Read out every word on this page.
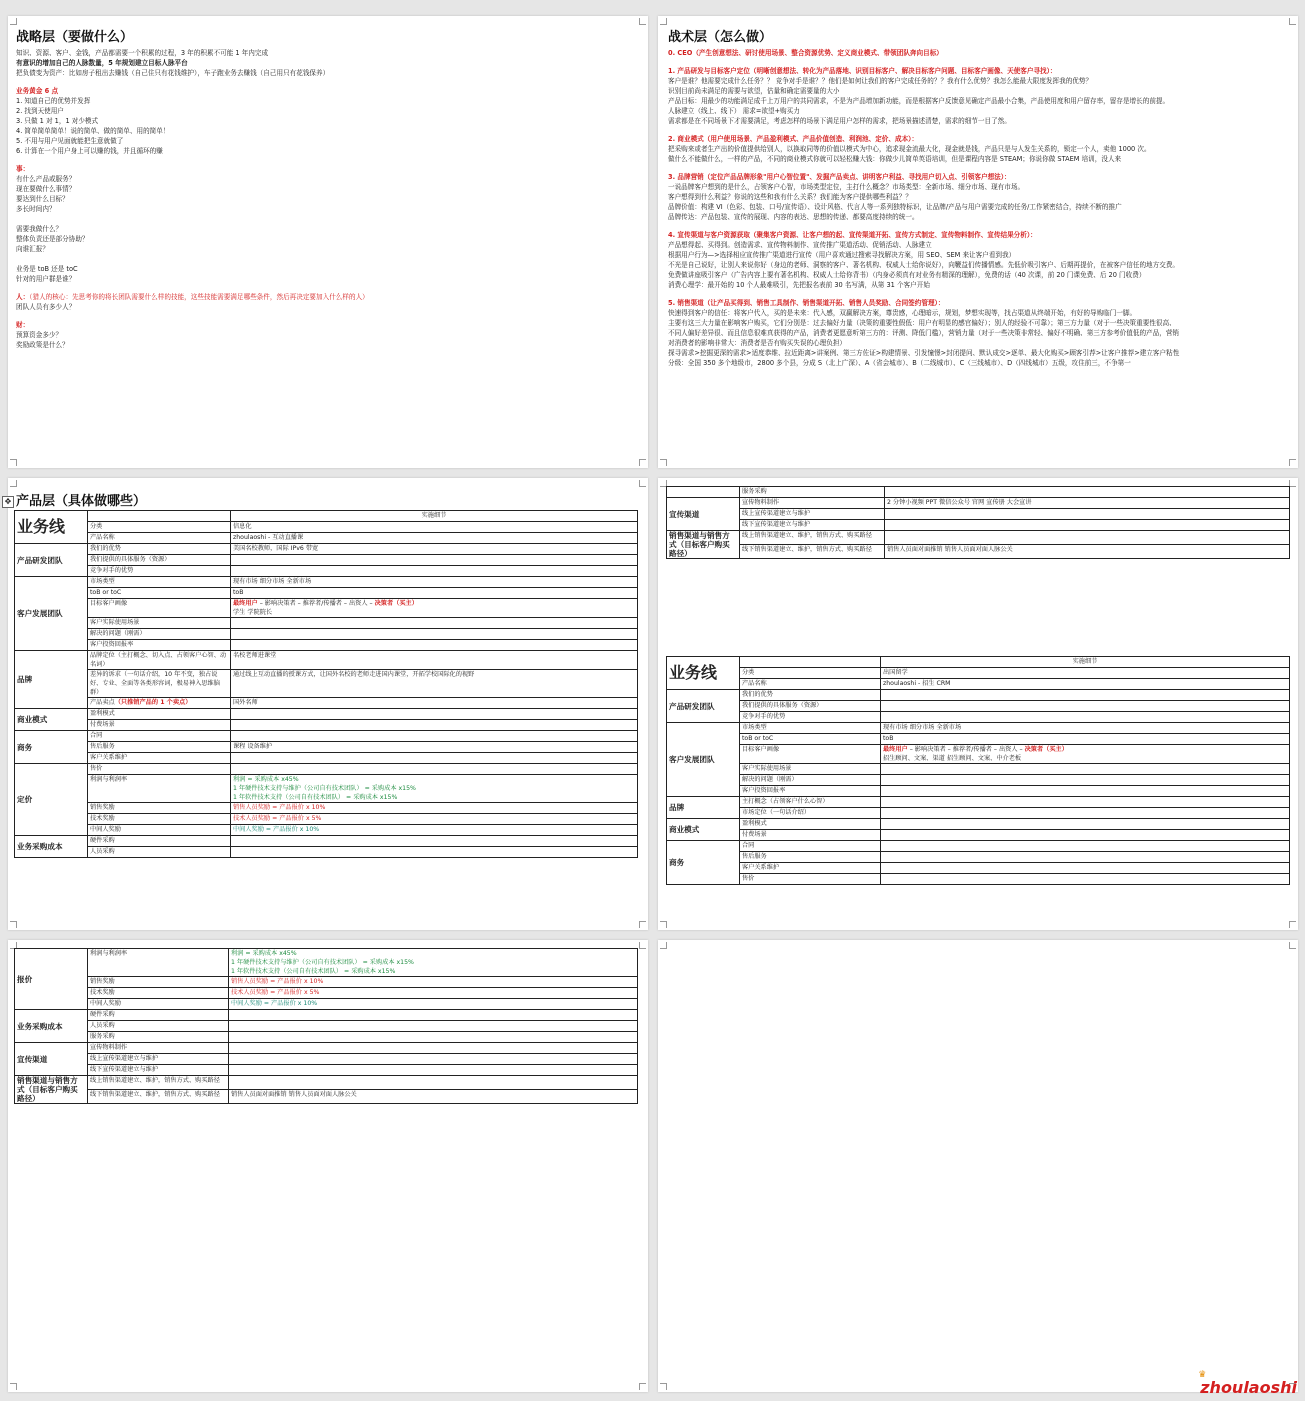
战略层（要做什么）
知识、资源、客户、金钱，产品都需要一个积累的过程，3 年的积累不可能 1 年内完成
有意识的增加自己的人脉数量，5 年规划建立目标人脉平台
把负债变为资产：比如房子租出去赚钱（自己住只有花钱维护），车子跑业务去赚钱（自己用只有花钱保养）
业务黄金 6 点
1. 知道自己的优势并发挥
2. 找到天使用户
3. 只做 1 对 1，1 对少模式
4. 简单简单简单！说的简单、做的简单、用的简单！
5. 不用与用户见面就能把生意就做了
6. 计算在一个用户身上可以赚的钱，并且循环的赚
事：
有什么产品或服务？
现在要做什么事情？
要达到什么目标？
多长时间内？
需要我做什么？
整体负责还是部分协助？
向谁汇报？
业务是 toB 还是 toC
针对的用户群是谁？
人：（猎人的核心：先思考你的将长团队需要什么样的技能，这些技能需要满足哪些条件，然后再决定要加入什么样的人）
团队人员有多少人？
财：
预算资金多少？
奖励政策是什么？
战术层（怎么做）
0. CEO（产生创意想法、研讨使用场景、整合资源优势、定义商业模式、带领团队奔向目标）
1. 产品研发与目标客户定位（明晰创意想法、转化为产品落地、识别目标客户、解决目标客户问题、目标客户画像、天使客户寻找）：
客户是谁？他需要完成什么任务？？ 竞争对手是谁？？他们是如何让我们的客户完成任务的？？我有什么优势？我怎么能最大限度发挥我的优势？
识别目前尚未满足的需要与欲望，估量和确定需要量的大小
产品目标：用最少的功能满足成千上万用户的共同需求，不是为产品增加新功能，而是根据客户反馈意见确定产品最小合集，产品使用度和用户留存率，留存是增长的前提。
人脉建立（线上、线下） 需求=欲望+购买力
需求都是在不同场景下才需要满足，考虑怎样的场景下满足用户怎样的需求，把场景描述清楚，需求的细节一目了然。
2. 商业模式（用户使用场景、产品盈利模式、产品价值创造、利润池、定价、成本）：
把采购来或者生产出的价值提供给别人，以换取同等的价值以模式为中心，追求现金流最大化，现金就是钱，产品只是与人发生关系的，锁定一个人，卖他 1000 次。
做什么不能做什么，一样的产品，不同的商业模式你就可以轻松赚大钱：你做少儿简单英语培训，但是课程内容是 STEAM；你说你做 STAEM 培训，没人来
3. 品牌营销（定位产品品牌形象"用户心智位置"、发掘产品卖点、讲明客户利益、寻找用户切入点、引领客户想法）：
一说品牌客户想到的是什么，占领客户心智，市场类型定位，主打什么概念？市场类型：全新市场、细分市场、现有市场。
客户想得到什么利益？你说的这些和我有什么关系？我们能为客户提供哪些利益？？
品牌价值：构建 VI（色彩、包装、口号/宣传语）、设计风格、代言人等一系列独特标识，让品牌/产品与用户需要完成的任务/工作紧密结合，持续不断的推广
品牌传达：产品包装、宣传的展现、内容的表达、思想的传递、都要高度持续的统一。
4. 宣传渠道与客户资源获取（聚集客户资源、让客户想的起、宣传渠道开拓、宣传方式制定、宣传物料制作、宣传结果分析）：
产品想得起、买得到。创造需求、宣传物料制作、宣传推广渠道活动、促销活动、人脉建立
根据用户行为—>选择相应宣传推广渠道进行宣传（用户喜欢通过搜索寻找解决方案，用 SEO、SEM 来让客户看到我）
不光是自己说好，让别人来说你好（身边的老师、洞察的客户、著名机构、权威人士给你说好），向鞭益们传播情感。先低价吸引客户、后期再提价，在被客户信任的地方交费。
免费做讲座吸引客户（广告内容上要有著名机构、权威人士给你背书）（内身必须真有对业务有精深的理解），免费的话（40 次课，前 20 门课免费、后 20 门收费）
消费心理学：最开始的 10 个人最难吸引，先把报名表前 30 名写满，从第 31 个客户开始
5. 销售渠道（让产品买得到、销售工具制作、销售渠道开拓、销售人员奖励、合同签约管理）：
快速得到客户的信任：将客户代入，买的是未来：代入感，双赢解决方案，尊贵感，心理暗示，规划，梦想实现等，找占渠道从终端开始，有好的导购临门一脚。
主要有这三大力量在影响客户购买，它们分别是：过去偏好力量（决策的重要性假低：用户有明显的感官偏好）；别人的经验不可靠）；第三方力量（对于一些决策重要性很高、
不同人偏好差异很、而且信息很难真获得的产品，消费者更愿意听第三方的：评测、降低门槛），营销力量（对于一些决策非常轻、偏好不明确、第三方参考价值低的产品，营销
对消费者的影响非常大：消费者是否有购买失误的心理负担）
探寻需求>挖掘更深的需求>适度恭维、拉近距离>讲案例、第三方佐证>构建情景、引发憧憬>封闭提问、默认成交>逐单、最大化购买>顾客引荐>让客户推荐>建立客户粘性
分级：全国 350 多个地级市，2800 多个县，分成 S（北上广深）、A（省会城市）、B（二线城市）、C（三线城市）、D（四线城市）五级，攻住前三，不争第一
产品层（具体做哪些）
业务线		实施细节
	分类	信息化
	产品名称	zhoulaoshi - 互动直播课
产品研发团队	我们的优势	美国名校教师，国际 IPv6 带宽
	我们提供的具体服务（资源）	
	竞争对手的优势	
客户发展团队	市场类型	现有市场 细分市场 全新市场
	toB or toC	toB
	目标客户画像	最终用户 – 影响决策者 – 推荐者/传播者 – 出资人 – 决策者（买主）
学生 学院院长

	客户实际使用场景	
	解决的问题（刚需）	
	客户投资回报率	
品牌	品牌定位（主打概念、切入点、占领客户心智、动名词）	名校老师进课堂
	差异的诉求（一句话介绍，10 年不变，独占说好、专业、全面等各类形容词，极易神入思维脑群）	通过线上互动直播的授课方式，让国外名校的老师走进国内课堂，开拓学校国际化的视野
	产品卖点（只推销产品的 1 个卖点）	国外名师
商业模式	盈利模式	
	付费场景	
商务	合同	
	售后服务	课程 设备维护
	客户关系维护	
定价	售价	
	利润与利润率	利润 = 采购成本 x45%
1 年硬件技术支持与维护（公司自有技术团队） = 采购成本 x15%
1 年软件技术支持（公司自有技术团队） = 采购成本 x15%

	销售奖励	销售人员奖励 = 产品报价 x 10%
	技术奖励	技术人员奖励 = 产品报价 x 5%
	中间人奖励	中间人奖励 = 产品报价 x 10%
业务采购成本	硬件采购	
	人员采购	
	服务采购	
宣传渠道	宣传物料制作	2 分钟小视频 PPT 微信公众号 官网 宣传册 大会宣讲
	线上宣传渠道建立与维护	
	线下宣传渠道建立与维护	
销售渠道与销售方式（目标客户购买路径）	线上销售渠道建立、维护，销售方式、购买路径	
	线下销售渠道建立、维护，销售方式、购买路径	销售人员面对面推销 销售人员面对面人脉公关
业务线		实施细节
	分类	出国留学
	产品名称	zhoulaoshi - 招生 CRM
产品研发团队	我们的优势	
	我们提供的具体服务（资源）	
	竞争对手的优势	
客户发展团队	市场类型	现有市场 细分市场 全新市场
	toB or toC	toB
	目标客户画像	最终用户 – 影响决策者 – 推荐者/传播者 – 出资人 – 决策者（买主）
招生顾问、文案、渠道 招生顾问、文案、中介老板

	客户实际使用场景	
	解决的问题（刚需）	
	客户投资回报率	
品牌	主打概念（占领客户什么心智）	
	市场定位（一句话介绍）	
商业模式	盈利模式	
	付费场景	
商务	合同	
	售后服务	
	客户关系维护	
	售价	
报价	利润与利润率	利润 = 采购成本 x45%
1 年硬件技术支持与维护（公司自有技术团队） = 采购成本 x15%
1 年软件技术支持（公司自有技术团队） = 采购成本 x15%

	销售奖励	销售人员奖励 = 产品报价 x 10%
	技术奖励	技术人员奖励 = 产品报价 x 5%
	中间人奖励	中间人奖励 = 产品报价 x 10%
业务采购成本	硬件采购	
	人员采购	
	服务采购	
宣传渠道	宣传物料制作	
	线上宣传渠道建立与维护	
	线下宣传渠道建立与维护	
销售渠道与销售方式（目标客户购买路径）	线上销售渠道建立、维护，销售方式、购买路径	
	线下销售渠道建立、维护，销售方式、购买路径	销售人员面对面推销 销售人员面对面人脉公关
✥
♛
zhoulaoshi
